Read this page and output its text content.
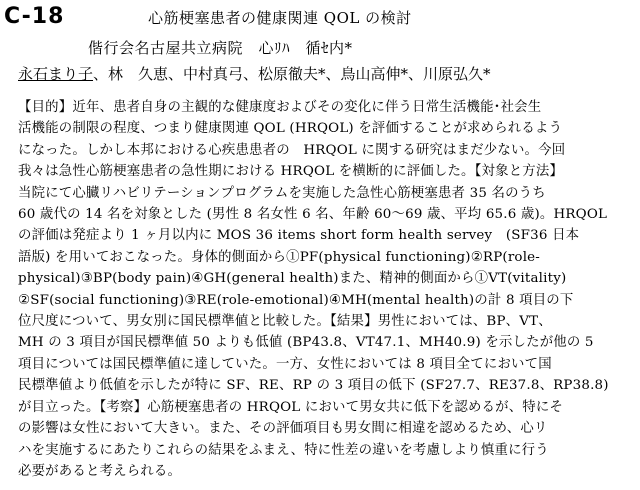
C-18	心筋梗塞患者の健康関連 QOL の検討
偕行会名古屋共立病院　心ﾘﾊ　循ｾ内*
永石まり子、林　久恵、中村真弓、松原徹夫*、鳥山高伸*、川原弘久*
【目的】近年、患者自身の主観的な健康度およびその変化に伴う日常生活機能･社会生
活機能の制限の程度、つまり健康関連 QOL (HRQOL) を評価することが求められるよう
になった。しかし本邦における心疾患患者の　HRQOL に関する研究はまだ少ない。今回
我々は急性心筋梗塞患者の急性期における HRQOL を横断的に評価した。【対象と方法】
当院にて心臓リハビリテーションプログラムを実施した急性心筋梗塞患者 35 名のうち
60 歳代の 14 名を対象とした (男性 8 名女性 6 名、年齢 60～69 歳、平均 65.6 歳)。HRQOL
の評価は発症より 1 ヶ月以内に MOS 36 items short form health servey　(SF36 日本
語版) を用いておこなった。身体的側面から①PF(physical functioning)②RP(role-
physical)③BP(body pain)④GH(general health)また、精神的側面から①VT(vitality)
②SF(social functioning)③RE(role-emotional)④MH(mental health)の計 8 項目の下
位尺度について、男女別に国民標準値と比較した。【結果】男性においては、BP、VT、
MH の 3 項目が国民標準値 50 よりも低値 (BP43.8、VT47.1、MH40.9) を示したが他の 5
項目については国民標準値に達していた。一方、女性においては 8 項目全てにおいて国
民標準値より低値を示したが特に SF、RE、RP の 3 項目の低下 (SF27.7、RE37.8、RP38.8)
が目立った。【考察】心筋梗塞患者の HRQOL において男女共に低下を認めるが、特にそ
の影響は女性において大きい。また、その評価項目も男女間に相違を認めるため、心リ
ハを実施するにあたりこれらの結果をふまえ、特に性差の違いを考慮しより慎重に行う
必要があると考えられる。
